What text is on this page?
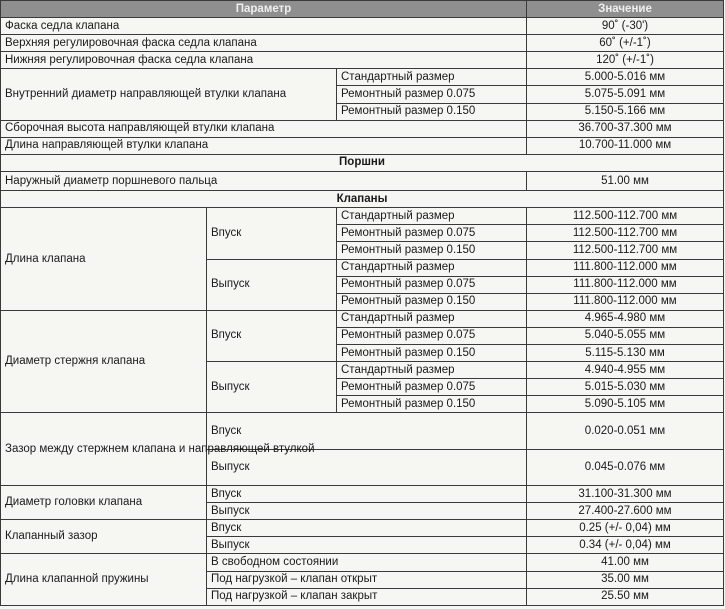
Параметр			Значение
Фаска седла клапана			90˚ (-30')
Верхняя регулировочная фаска седла клапана			60˚ (+/-1˚)
Нижняя регулировочная фаска седла клапана			120˚ (+/-1˚)
Внутренний диаметр направляющей втулки клапана		Стандартный размер	5.000-5.016 мм
		Ремонтный размер 0.075	5.075-5.091 мм
		Ремонтный размер 0.150	5.150-5.166 мм
Сборочная высота направляющей втулки клапана			36.700-37.300 мм
Длина направляющей втулки клапана			10.700-11.000 мм
Поршни			
Наружный диаметр поршневого пальца			51.00 мм
Клапаны			
Длина клапана	Впуск	Стандартный размер	112.500-112.700 мм
		Ремонтный размер 0.075	112.500-112.700 мм
		Ремонтный размер 0.150	112.500-112.700 мм
	Выпуск	Стандартный размер	111.800-112.000 мм
		Ремонтный размер 0.075	111.800-112.000 мм
		Ремонтный размер 0.150	111.800-112.000 мм
Диаметр стержня клапана	Впуск	Стандартный размер	4.965-4.980 мм
		Ремонтный размер 0.075	5.040-5.055 мм
		Ремонтный размер 0.150	5.115-5.130 мм
	Выпуск	Стандартный размер	4.940-4.955 мм
		Ремонтный размер 0.075	5.015-5.030 мм
		Ремонтный размер 0.150	5.090-5.105 мм
Зазор между стержнем клапана и направляющей втулкой	Впуск		0.020-0.051 мм
	Выпуск		0.045-0.076 мм
Диаметр головки клапана	Впуск		31.100-31.300 мм
	Выпуск		27.400-27.600 мм
Клапанный зазор	Впуск		0.25 (+/- 0,04) мм
	Выпуск		0.34 (+/- 0,04) мм
Длина клапанной пружины	В свободном состоянии		41.00 мм
	Под нагрузкой – клапан открыт		35.00 мм
	Под нагрузкой – клапан закрыт		25.50 мм
